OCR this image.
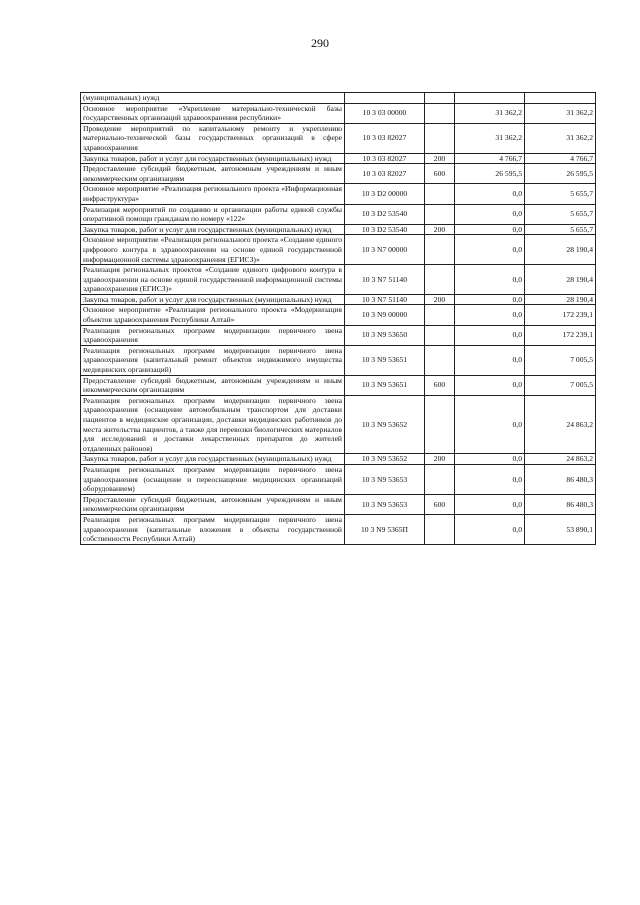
290
(муниципальных) нужд				
Основное мероприятие «Укрепление материально-технической базы государственных организаций здравоохранения республики»	10 3 03 00000		31 362,2	31 362,2
Проведение мероприятий по капитальному ремонту и укреплению материально-технической базы государственных организаций в сфере здравоохранения	10 3 03 82027		31 362,2	31 362,2
Закупка товаров, работ и услуг для государственных (муниципальных) нужд	10 3 03 82027	200	4 766,7	4 766,7
Предоставление субсидий бюджетным, автономным учреждениям и иным некоммерческим организациям	10 3 03 82027	600	26 595,5	26 595,5
Основное мероприятие «Реализация регионального проекта «Информационная инфраструктура»	10 3 D2 00000		0,0	5 655,7
Реализация мероприятий по созданию и организации работы единой службы оперативной помощи гражданам по номеру «122»	10 3 D2 53540		0,0	5 655,7
Закупка товаров, работ и услуг для государственных (муниципальных) нужд	10 3 D2 53540	200	0,0	5 655,7
Основное мероприятие «Реализация регионального проекта «Создание единого цифрового контура в здравоохранении на основе единой государственной информационной системы здравоохранения (ЕГИСЗ)»	10 3 N7 00000		0,0	28 190,4
Реализация региональных проектов «Создание единого цифрового контура в здравоохранении на основе единой государственной информационной системы здравоохранения (ЕГИСЗ)»	10 3 N7 51140		0,0	28 190,4
Закупка товаров, работ и услуг для государственных (муниципальных) нужд	10 3 N7 51140	200	0,0	28 190,4
Основное мероприятие «Реализация регионального проекта «Модернизация объектов здравоохранения Республики Алтай»	10 3 N9 00000		0,0	172 239,1
Реализация региональных программ модернизации первичного звена здравоохранения	10 3 N9 53650		0,0	172 239,1
Реализация региональных программ модернизации первичного звена здравоохранения (капитальный ремонт объектов недвижимого имущества медицинских организаций)	10 3 N9 53651		0,0	7 005,5
Предоставление субсидий бюджетным, автономным учреждениям и иным некоммерческим организациям	10 3 N9 53651	600	0,0	7 005,5
Реализация региональных программ модернизации первичного звена здравоохранения (оснащение автомобильным транспортом для доставки пациентов в медицинские организации, доставки медицинских работников до места жительства пациентов, а также для перевозки биологических материалов для исследований и доставки лекарственных препаратов до жителей отдаленных районов)	10 3 N9 53652		0,0	24 863,2
Закупка товаров, работ и услуг для государственных (муниципальных) нужд	10 3 N9 53652	200	0,0	24 863,2
Реализация региональных программ модернизации первичного звена здравоохранения (оснащение и переоснащение медицинских организаций оборудованием)	10 3 N9 53653		0,0	86 480,3
Предоставление субсидий бюджетным, автономным учреждениям и иным некоммерческим организациям	10 3 N9 53653	600	0,0	86 480,3
Реализация региональных программ модернизации первичного звена здравоохранения (капитальные вложения в объекты государственной собственности Республики Алтай)	10 3 N9 5365П		0,0	53 890,1
